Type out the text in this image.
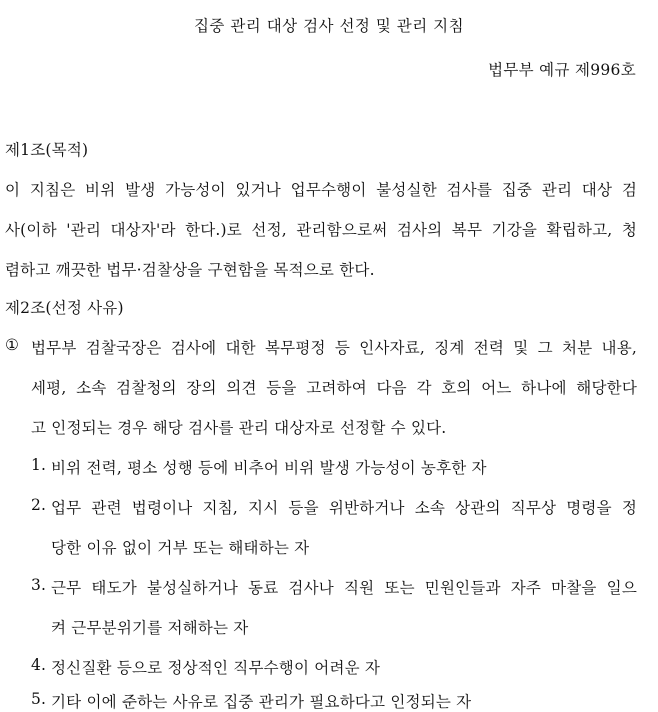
집중 관리 대상 검사 선정 및 관리 지침
법무부 예규 제996호
제1조(목적)
이 지침은 비위 발생 가능성이 있거나 업무수행이 불성실한 검사를 집중 관리 대상 검
사(이하 '관리 대상자'라 한다.)로 선정, 관리함으로써 검사의 복무 기강을 확립하고, 청
렴하고 깨끗한 법무·검찰상을 구현함을 목적으로 한다.
제2조(선정 사유)
① 법무부 검찰국장은 검사에 대한 복무평정 등 인사자료, 징계 전력 및 그 처분 내용,
세평, 소속 검찰청의 장의 의견 등을 고려하여 다음 각 호의 어느 하나에 해당한다
고 인정되는 경우 해당 검사를 관리 대상자로 선정할 수 있다.
1. 비위 전력, 평소 성행 등에 비추어 비위 발생 가능성이 농후한 자
2. 업무 관련 법령이나 지침, 지시 등을 위반하거나 소속 상관의 직무상 명령을 정
당한 이유 없이 거부 또는 해태하는 자
3. 근무 태도가 불성실하거나 동료 검사나 직원 또는 민원인들과 자주 마찰을 일으
켜 근무분위기를 저해하는 자
4. 정신질환 등으로 정상적인 직무수행이 어려운 자
5. 기타 이에 준하는 사유로 집중 관리가 필요하다고 인정되는 자
